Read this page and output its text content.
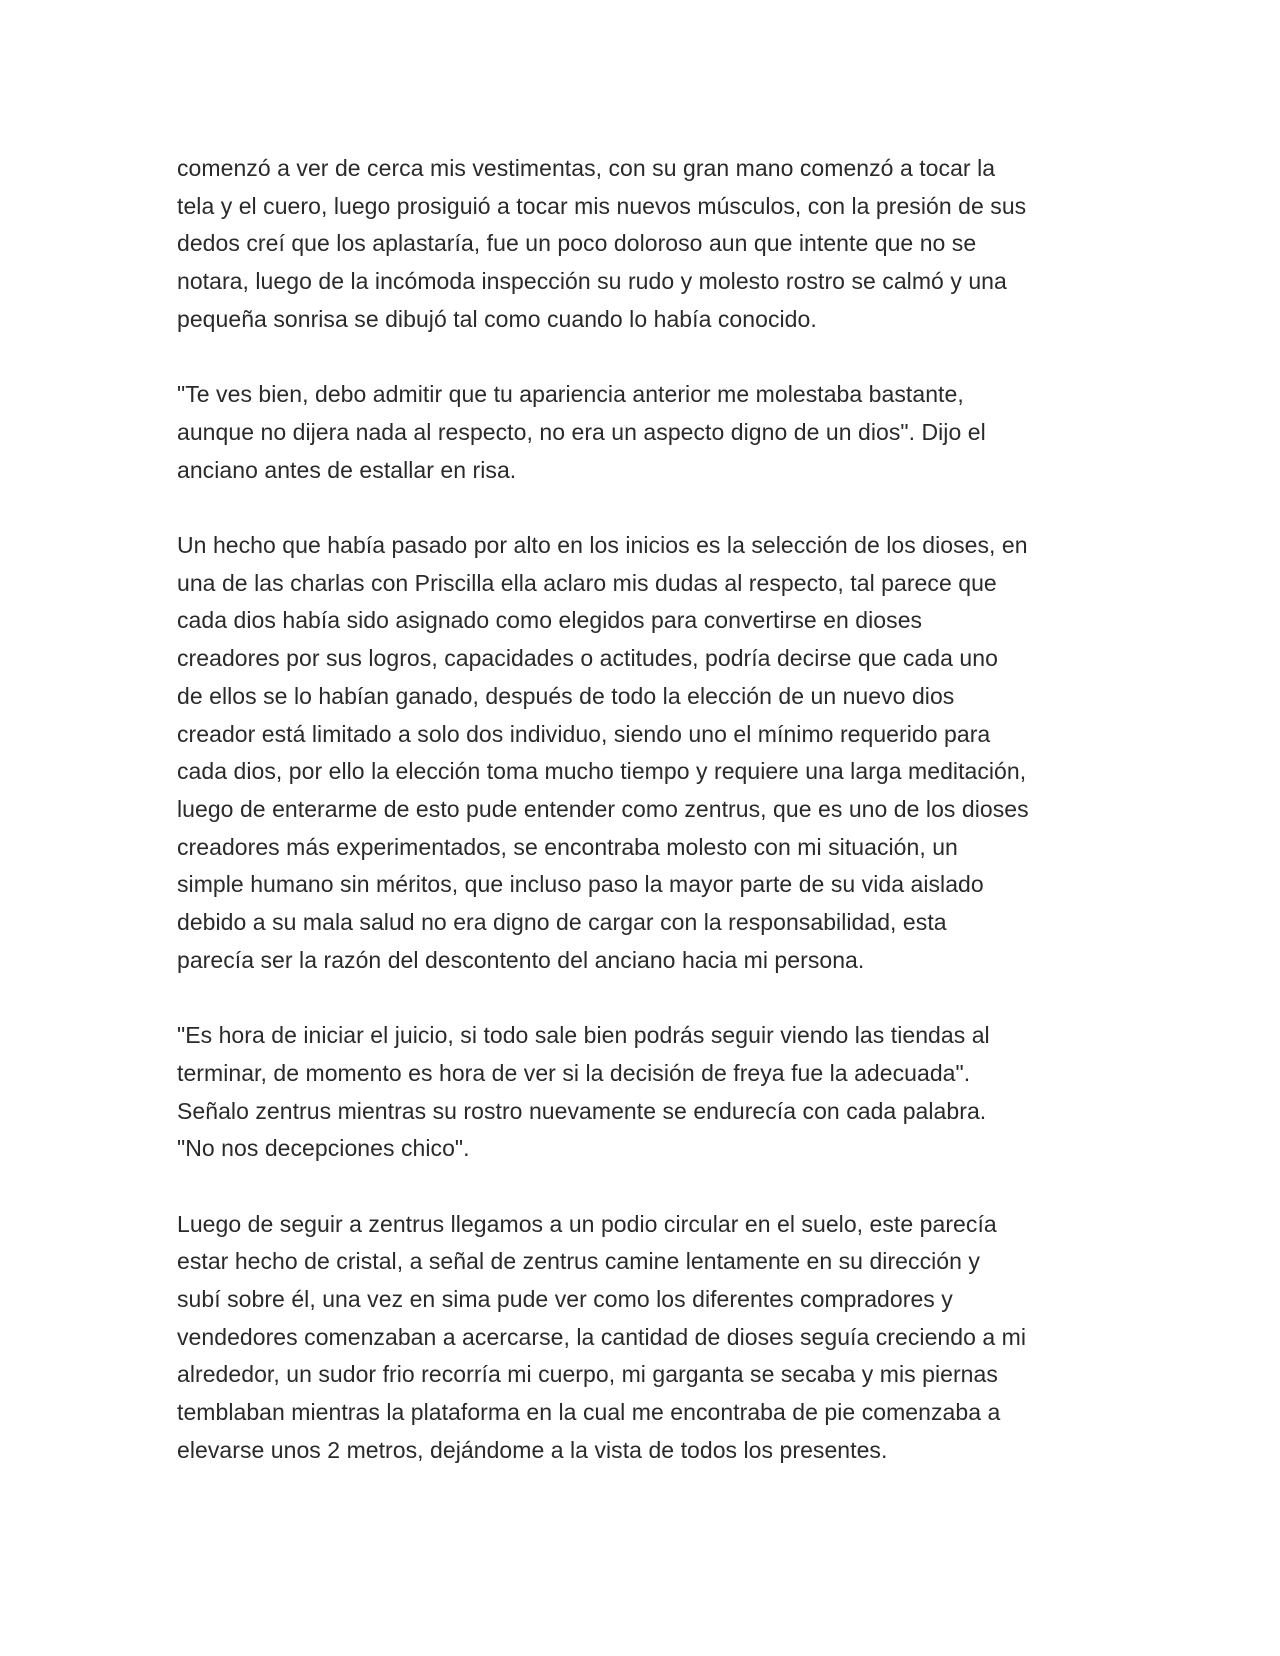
comenzó a ver de cerca mis vestimentas, con su gran mano comenzó a tocar la
tela y el cuero, luego prosiguió a tocar mis nuevos músculos, con la presión de sus
dedos creí que los aplastaría, fue un poco doloroso aun que intente que no se
notara, luego de la incómoda inspección su rudo y molesto rostro se calmó y una
pequeña sonrisa se dibujó tal como cuando lo había conocido.

"Te ves bien, debo admitir que tu apariencia anterior me molestaba bastante,
aunque no dijera nada al respecto, no era un aspecto digno de un dios". Dijo el
anciano antes de estallar en risa.

Un hecho que había pasado por alto en los inicios es la selección de los dioses, en
una de las charlas con Priscilla ella aclaro mis dudas al respecto, tal parece que
cada dios había sido asignado como elegidos para convertirse en dioses
creadores por sus logros, capacidades o actitudes, podría decirse que cada uno
de ellos se lo habían ganado, después de todo la elección de un nuevo dios
creador está limitado a solo dos individuo, siendo uno el mínimo requerido para
cada dios, por ello la elección toma mucho tiempo y requiere una larga meditación,
luego de enterarme de esto pude entender como zentrus, que es uno de los dioses
creadores más experimentados, se encontraba molesto con mi situación, un
simple humano sin méritos, que incluso paso la mayor parte de su vida aislado
debido a su mala salud no era digno de cargar con la responsabilidad, esta
parecía ser la razón del descontento del anciano hacia mi persona.

"Es hora de iniciar el juicio, si todo sale bien podrás seguir viendo las tiendas al
terminar, de momento es hora de ver si la decisión de freya fue la adecuada".
Señalo zentrus mientras su rostro nuevamente se endurecía con cada palabra.
"No nos decepciones chico".

Luego de seguir a zentrus llegamos a un podio circular en el suelo, este parecía
estar hecho de cristal, a señal de zentrus camine lentamente en su dirección y
subí sobre él, una vez en sima pude ver como los diferentes compradores y
vendedores comenzaban a acercarse, la cantidad de dioses seguía creciendo a mi
alrededor, un sudor frio recorría mi cuerpo, mi garganta se secaba y mis piernas
temblaban mientras la plataforma en la cual me encontraba de pie comenzaba a
elevarse unos 2 metros, dejándome a la vista de todos los presentes.
